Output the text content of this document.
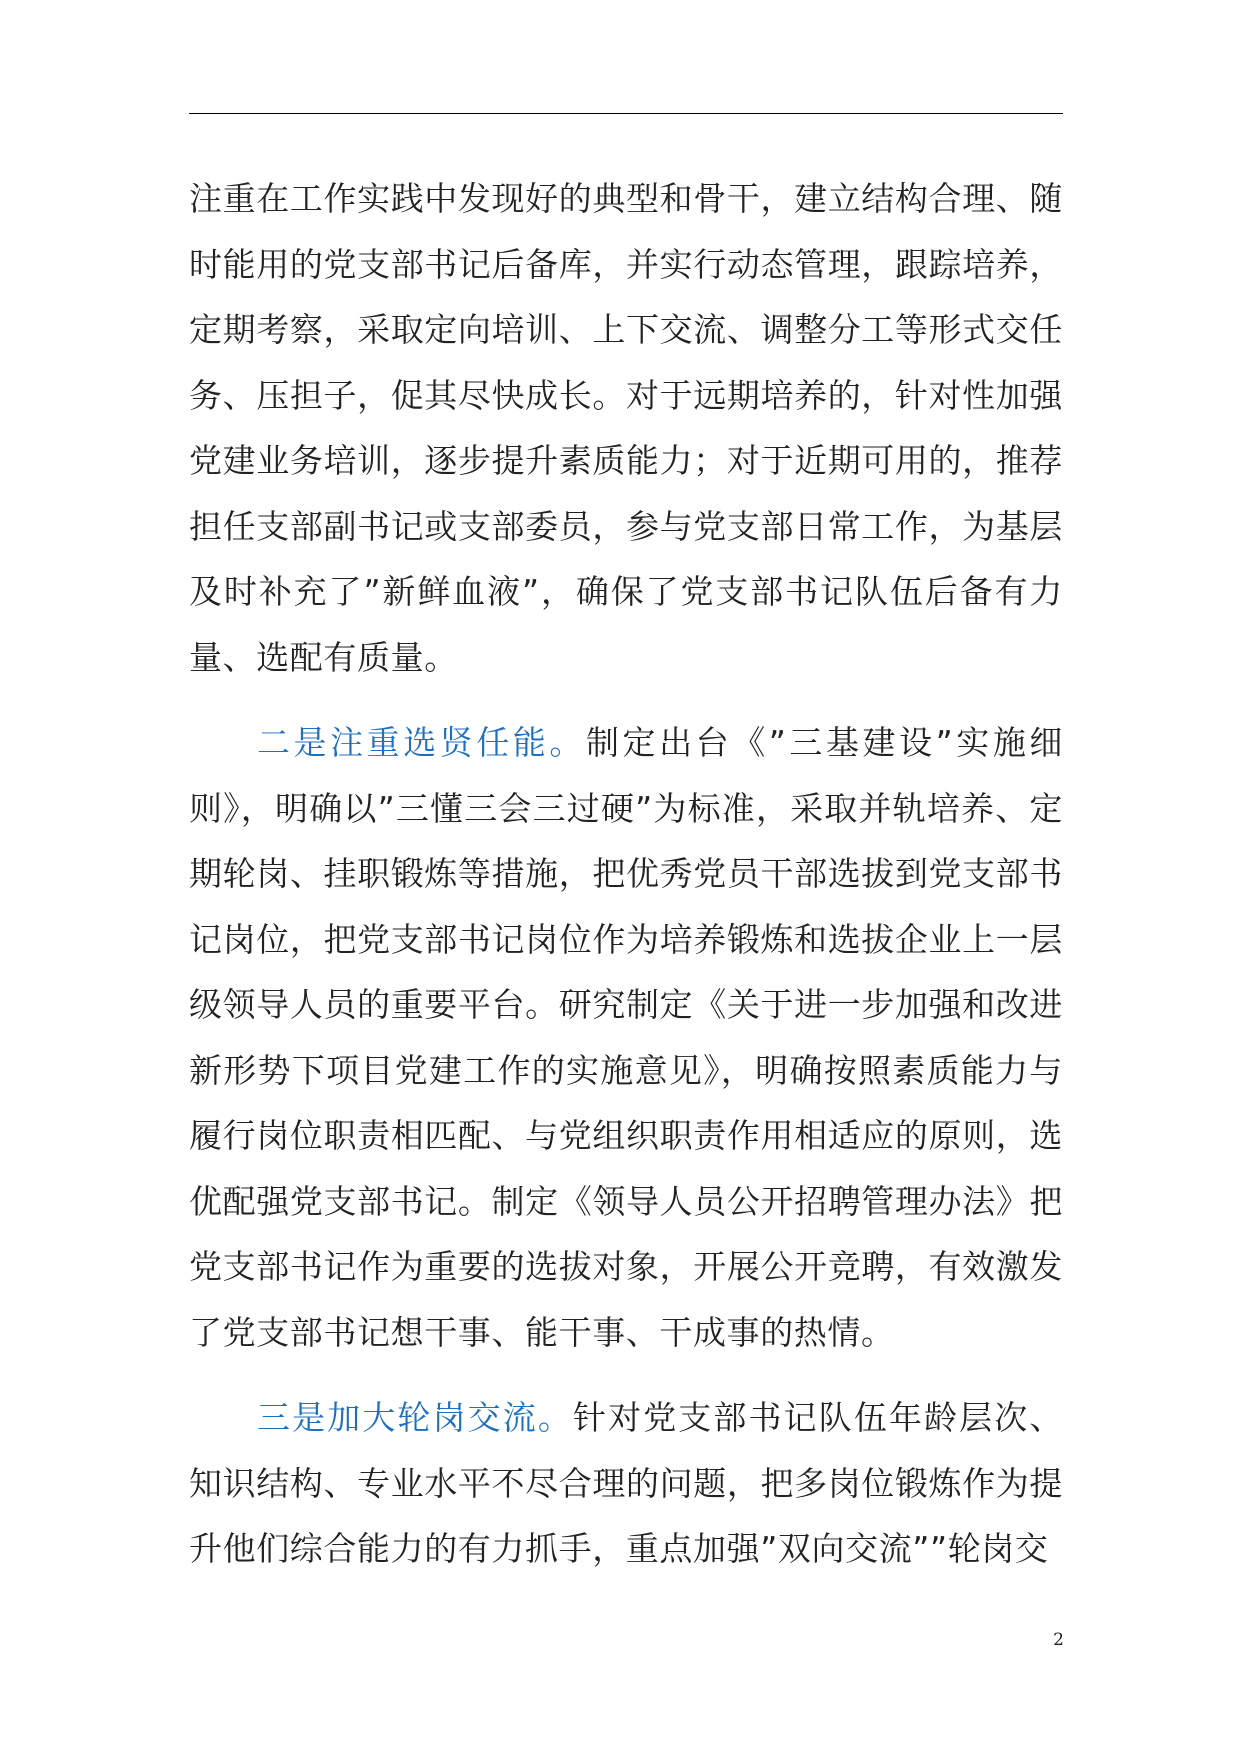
注重在工作实践中发现好的典型和骨干，建立结构合理、随时能用的党支部书记后备库，并实行动态管理，跟踪培养，定期考察，采取定向培训、上下交流、调整分工等形式交任务、压担子，促其尽快成长。对于远期培养的，针对性加强党建业务培训，逐步提升素质能力；对于近期可用的，推荐担任支部副书记或支部委员，参与党支部日常工作，为基层及时补充了”新鲜血液”，确保了党支部书记队伍后备有力量、选配有质量。

二是注重选贤任能。制定出台《”三基建设”实施细则》，明确以”三懂三会三过硬”为标准，采取并轨培养、定期轮岗、挂职锻炼等措施，把优秀党员干部选拔到党支部书记岗位，把党支部书记岗位作为培养锻炼和选拔企业上一层级领导人员的重要平台。研究制定《关于进一步加强和改进新形势下项目党建工作的实施意见》，明确按照素质能力与履行岗位职责相匹配、与党组织职责作用相适应的原则，选优配强党支部书记。制定《领导人员公开招聘管理办法》把党支部书记作为重要的选拔对象，开展公开竞聘，有效激发了党支部书记想干事、能干事、干成事的热情。

三是加大轮岗交流。针对党支部书记队伍年龄层次、知识结构、专业水平不尽合理的问题，把多岗位锻炼作为提升他们综合能力的有力抓手，重点加强”双向交流””轮岗交

2
